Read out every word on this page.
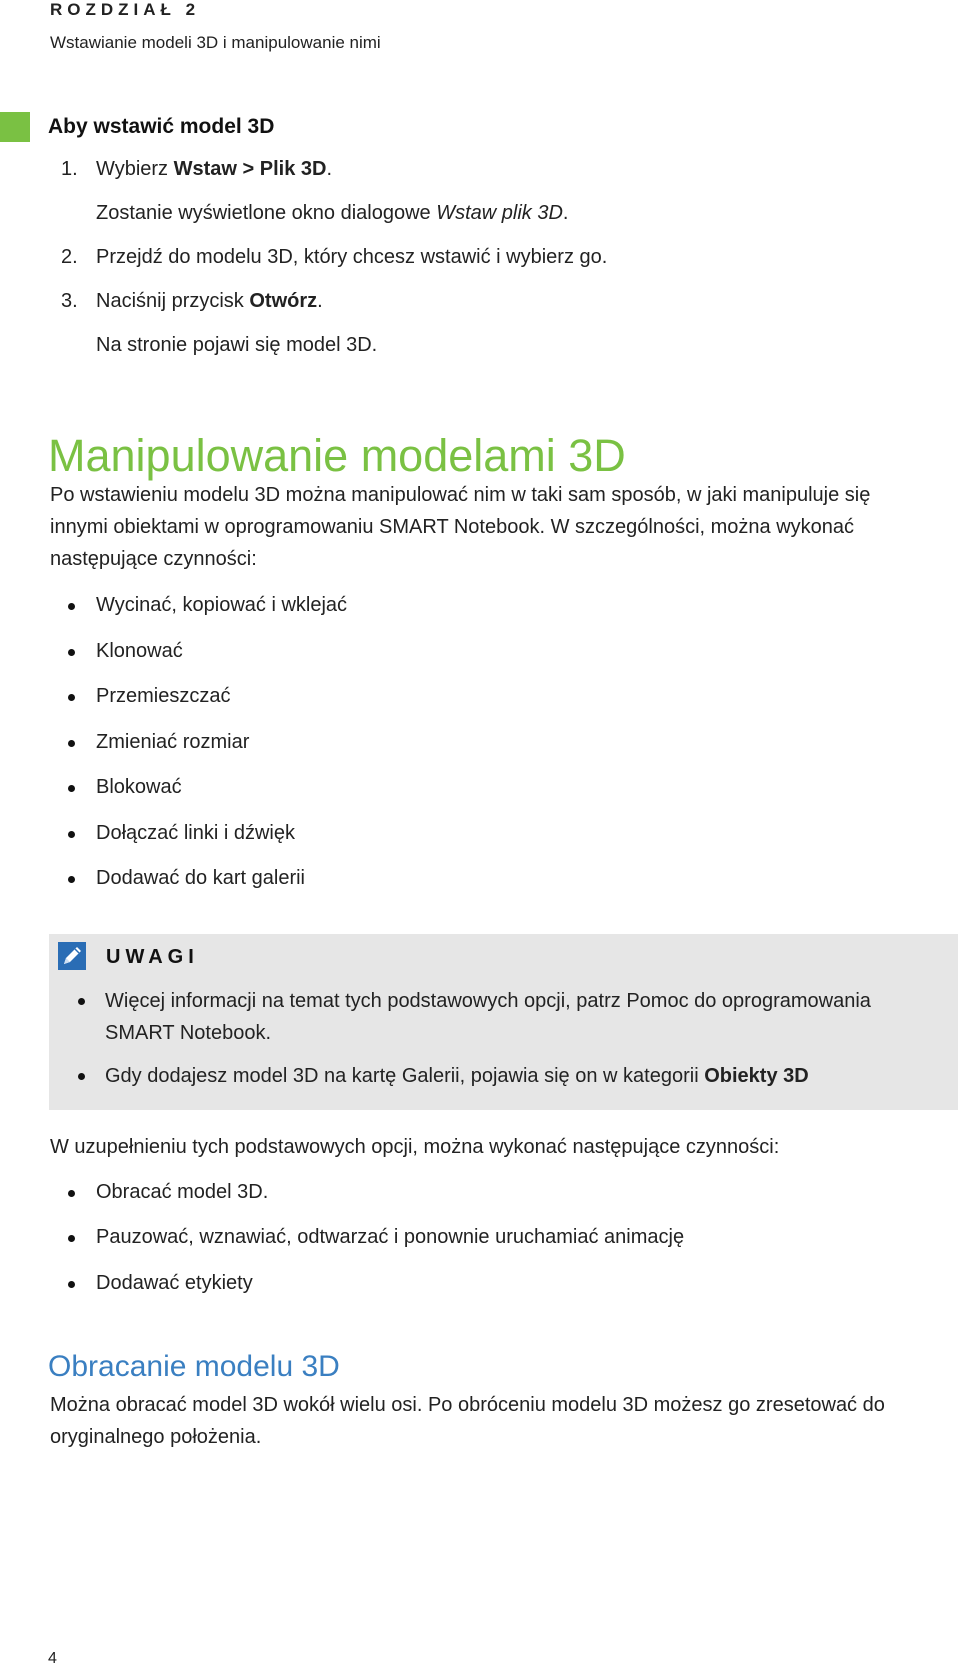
ROZDZIAŁ 2
Wstawianie modeli 3D i manipulowanie nimi
Aby wstawić model 3D
1. Wybierz Wstaw > Plik 3D.
Zostanie wyświetlone okno dialogowe Wstaw plik 3D.
2. Przejdź do modelu 3D, który chcesz wstawić i wybierz go.
3. Naciśnij przycisk Otwórz.
Na stronie pojawi się model 3D.
Manipulowanie modelami 3D
Po wstawieniu modelu 3D można manipulować nim w taki sam sposób, w jaki manipuluje się innymi obiektami w oprogramowaniu SMART Notebook. W szczególności, można wykonać następujące czynności:
Wycinać, kopiować i wklejać
Klonować
Przemieszczać
Zmieniać rozmiar
Blokować
Dołączać linki i dźwięk
Dodawać do kart galerii
UWAGI
Więcej informacji na temat tych podstawowych opcji, patrz Pomoc do oprogramowania SMART Notebook.
Gdy dodajesz model 3D na kartę Galerii, pojawia się on w kategorii Obiekty 3D
W uzupełnieniu tych podstawowych opcji, można wykonać następujące czynności:
Obracać model 3D.
Pauzować, wznawiać, odtwarzać i ponownie uruchamiać animację
Dodawać etykiety
Obracanie modelu 3D
Można obracać model 3D wokół wielu osi. Po obróceniu modelu 3D możesz go zresetować do oryginalnego położenia.
4
